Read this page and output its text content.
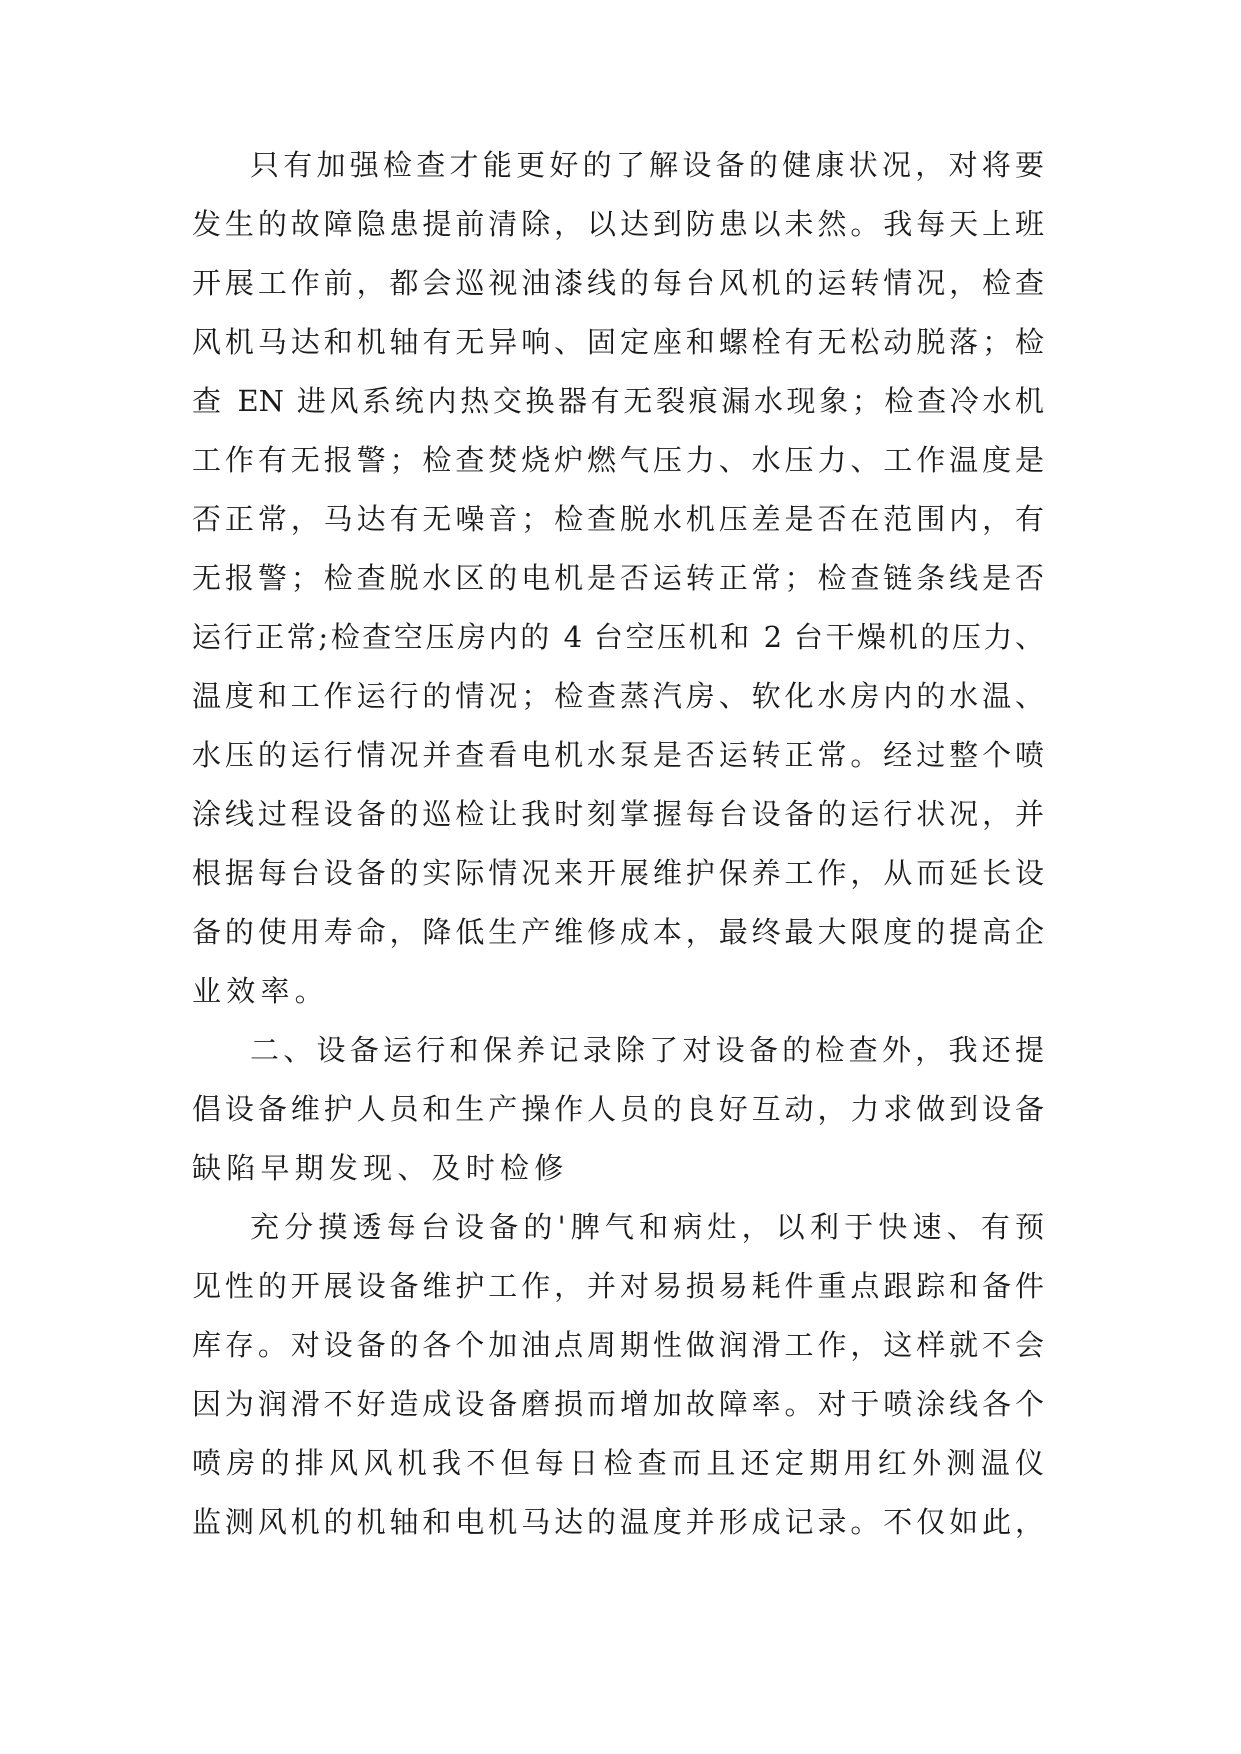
只有加强检查才能更好的了解设备的健康状况，对将要
发生的故障隐患提前清除，以达到防患以未然。我每天上班
开展工作前，都会巡视油漆线的每台风机的运转情况，检查
风机马达和机轴有无异响、固定座和螺栓有无松动脱落；检
查 EN 进风系统内热交换器有无裂痕漏水现象；检查冷水机
工作有无报警；检查焚烧炉燃气压力、水压力、工作温度是
否正常，马达有无噪音；检查脱水机压差是否在范围内，有
无报警；检查脱水区的电机是否运转正常；检查链条线是否
运行正常;检查空压房内的 4 台空压机和 2 台干燥机的压力、
温度和工作运行的情况；检查蒸汽房、软化水房内的水温、
水压的运行情况并查看电机水泵是否运转正常。经过整个喷
涂线过程设备的巡检让我时刻掌握每台设备的运行状况，并
根据每台设备的实际情况来开展维护保养工作，从而延长设
备的使用寿命，降低生产维修成本，最终最大限度的提高企
业效率。
二、设备运行和保养记录除了对设备的检查外，我还提
倡设备维护人员和生产操作人员的良好互动，力求做到设备
缺陷早期发现、及时检修
充分摸透每台设备的'脾气和病灶，以利于快速、有预
见性的开展设备维护工作，并对易损易耗件重点跟踪和备件
库存。对设备的各个加油点周期性做润滑工作，这样就不会
因为润滑不好造成设备磨损而增加故障率。对于喷涂线各个
喷房的排风风机我不但每日检查而且还定期用红外测温仪
监测风机的机轴和电机马达的温度并形成记录。不仅如此，
